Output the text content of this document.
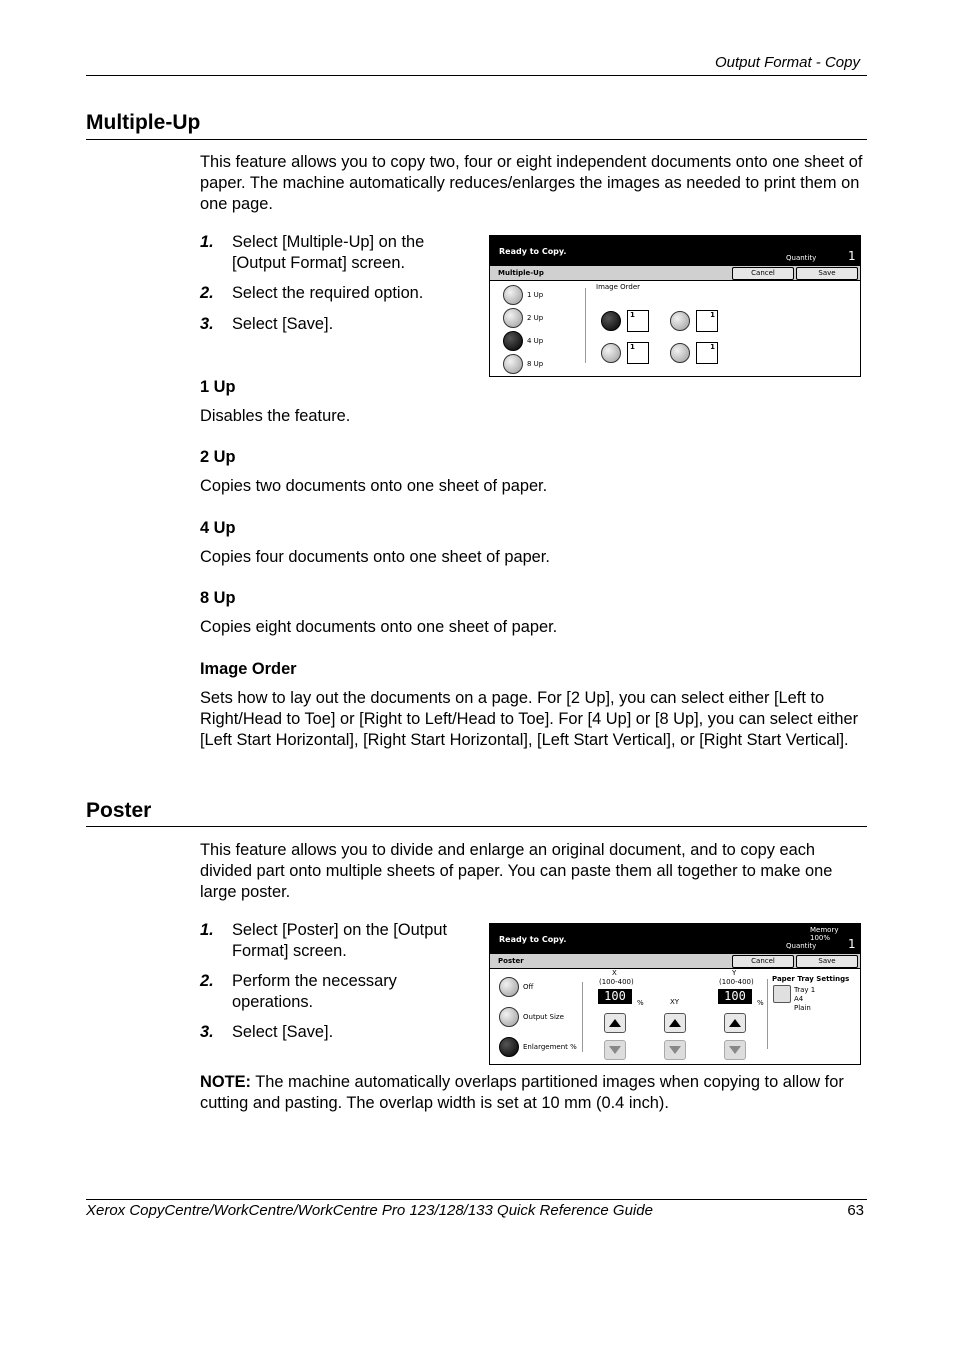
Output Format - Copy
Multiple-Up
This feature allows you to copy two, four or eight independent documents onto one sheet of paper. The machine automatically reduces/enlarges the images as needed to print them on one page.
1. Select [Multiple-Up] on the
[Output Format] screen.
2. Select the required option.
3. Select [Save].
Ready to Copy.
Quantity	1
Multiple-Up	Cancel	Save
1 Up
2 Up
4 Up
8 Up
Image Order
1	1
1	1
1 Up
Disables the feature.
2 Up
Copies two documents onto one sheet of paper.
4 Up
Copies four documents onto one sheet of paper.
8 Up
Copies eight documents onto one sheet of paper.
Image Order
Sets how to lay out the documents on a page. For [2 Up], you can select either [Left to Right/Head to Toe] or [Right to Left/Head to Toe]. For [4 Up] or [8 Up], you can select either [Left Start Horizontal], [Right Start Horizontal], [Left Start Vertical], or [Right Start Vertical].
Poster
This feature allows you to divide and enlarge an original document, and to copy each divided part onto multiple sheets of paper. You can paste them all together to make one large poster.
1. Select [Poster] on the [Output
Format] screen.
2. Perform the necessary
operations.
3. Select [Save].
Ready to Copy.
Memory 100%
Quantity	1
Poster	Cancel	Save
Off
Output Size
Enlargement %
X
(100-400)
100	%	XY
Y
(100-400)
100	%
Paper Tray Settings
Tray 1
A4
Plain
NOTE: The machine automatically overlaps partitioned images when copying to allow for cutting and pasting. The overlap width is set at 10 mm (0.4 inch).
Xerox CopyCentre/WorkCentre/WorkCentre Pro 123/128/133 Quick Reference Guide	63
